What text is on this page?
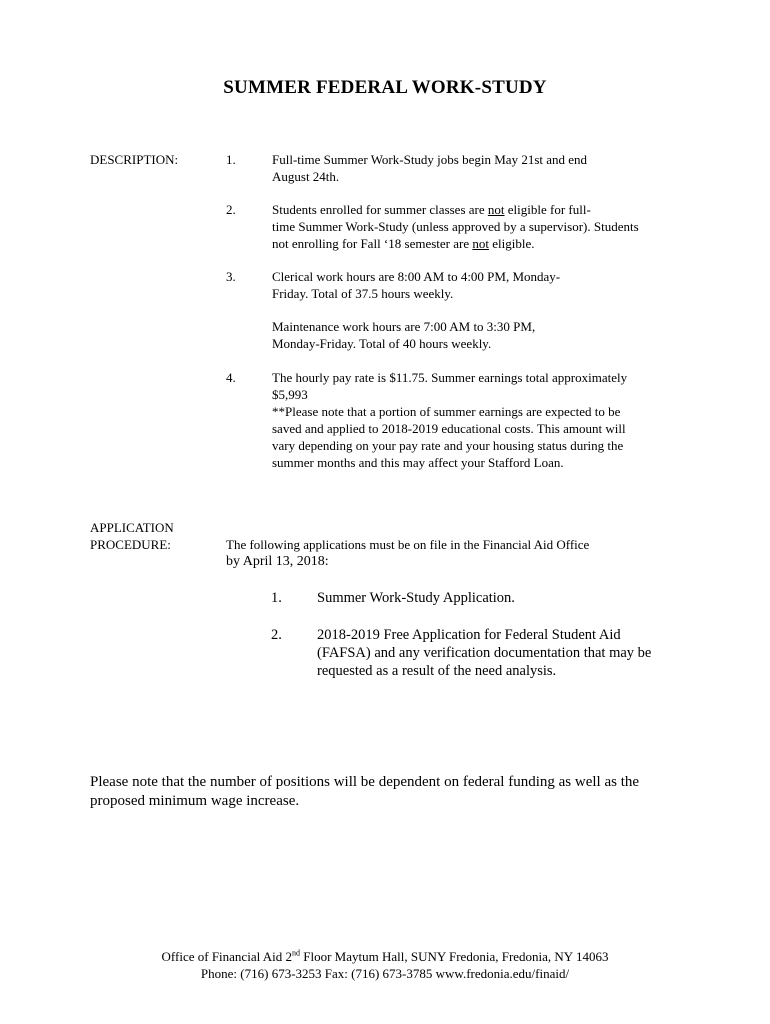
SUMMER FEDERAL WORK-STUDY
DESCRIPTION:	1.	Full-time Summer Work-Study jobs begin May 21st and end
August 24th.
2.	Students enrolled for summer classes are not eligible for full-
time Summer Work-Study (unless approved by a supervisor). Students
not enrolling for Fall ‘18 semester are not eligible.
3.	Clerical work hours are 8:00 AM to 4:00 PM, Monday-
Friday. Total of 37.5 hours weekly.
Maintenance work hours are 7:00 AM to 3:30 PM,
Monday-Friday. Total of 40 hours weekly.
4.	The hourly pay rate is $11.75. Summer earnings total approximately
$5,993
**Please note that a portion of summer earnings are expected to be
saved and applied to 2018-2019 educational costs. This amount will
vary depending on your pay rate and your housing status during the
summer months and this may affect your Stafford Loan.
APPLICATION
PROCEDURE:	The following applications must be on file in the Financial Aid Office
by April 13, 2018:
1. Summer Work-Study Application.
2. 2018-2019 Free Application for Federal Student Aid
(FAFSA) and any verification documentation that may be
requested as a result of the need analysis.
Please note that the number of positions will be dependent on federal funding as well as the
proposed minimum wage increase.
Office of Financial Aid 2nd Floor Maytum Hall, SUNY Fredonia, Fredonia, NY 14063
Phone: (716) 673-3253 Fax: (716) 673-3785 www.fredonia.edu/finaid/
